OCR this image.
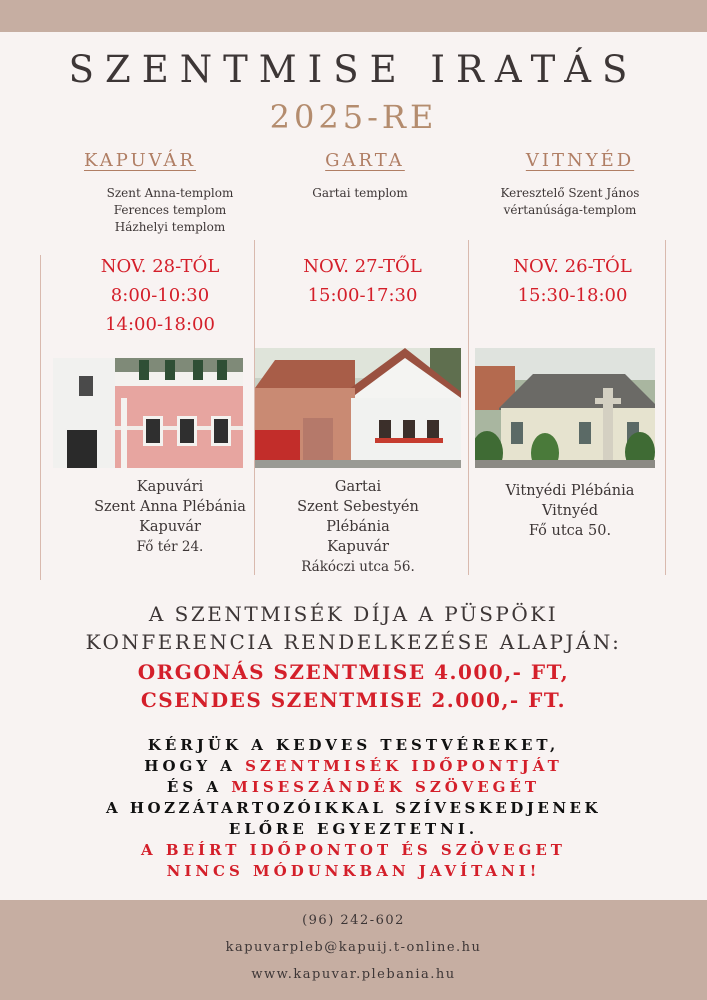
SZENTMISE IRATÁS
2025-RE
KAPUVÁR	GARTA	VITNYÉD
Szent Anna-templom
Ferences templom
Házhelyi templom
Gartai templom	Keresztelő Szent János
vértanúsága-templom
NOV. 28-TÓL
8:00-10:30
14:00-18:00
NOV. 27-TŐL
15:00-17:30
NOV. 26-TÓL
15:30-18:00
Kapuvári
Szent Anna Plébánia
Kapuvár
Fő tér 24.
Gartai
Szent Sebestyén
Plébánia
Kapuvár
Rákóczi utca 56.
Vitnyédi Plébánia
Vitnyéd
Fő utca 50.
A SZENTMISÉK DÍJA A PÜSPÖKI
KONFERENCIA RENDELKEZÉSE ALAPJÁN:
ORGONÁS SZENTMISE 4.000,- FT,
CSENDES SZENTMISE 2.000,- FT.
KÉRJÜK A KEDVES TESTVÉREKET,
HOGY A SZENTMISÉK IDŐPONTJÁT
ÉS A MISESZÁNDÉK SZÖVEGÉT
A HOZZÁTARTOZÓIKKAL SZÍVESKEDJENEK
ELŐRE EGYEZTETNI.
A BEÍRT IDŐPONTOT ÉS SZÖVEGET
NINCS MÓDUNKBAN JAVÍTANI!
(96) 242-602
kapuvarpleb@kapuij.t-online.hu
www.kapuvar.plebania.hu
